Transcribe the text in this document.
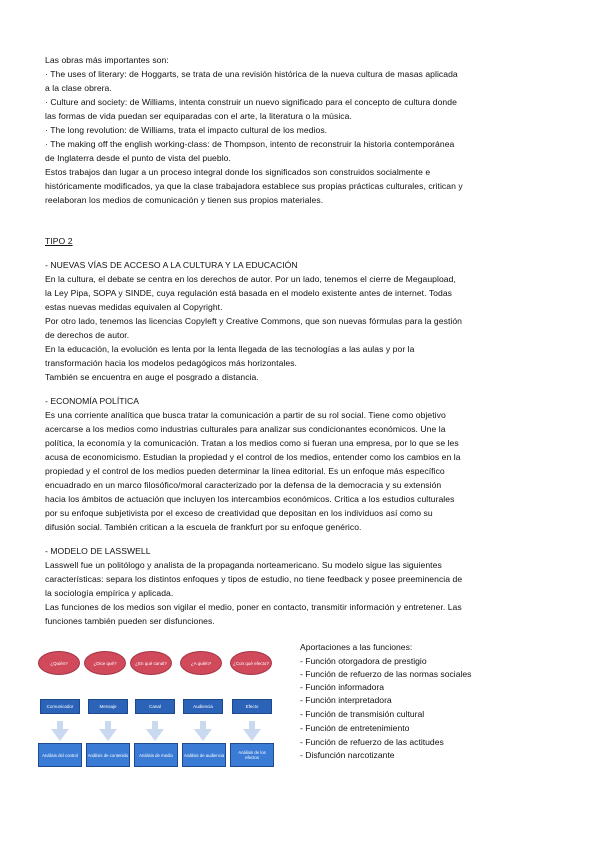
Las obras más importantes son:
· The uses of literary: de Hoggarts, se trata de una revisión histórica de la nueva cultura de masas aplicada
a la clase obrera.
· Culture and society: de Williams, intenta construir un nuevo significado para el concepto de cultura donde
las formas de vida puedan ser equiparadas con el arte, la literatura o la música.
· The long revolution: de Williams, trata el impacto cultural de los medios.
· The making off the english working-class: de Thompson, intento de reconstruir la historia contemporánea
de Inglaterra desde el punto de vista del pueblo.
Estos trabajos dan lugar a un proceso integral donde los significados son construidos socialmente e
históricamente modificados, ya que la clase trabajadora establece sus propias prácticas culturales, critican y
reelaboran los medios de comunicación y tienen sus propios materiales.
TIPO 2
- NUEVAS VÍAS DE ACCESO A LA CULTURA Y LA EDUCACIÓN
En la cultura, el debate se centra en los derechos de autor. Por un lado, tenemos el cierre de Megaupload,
la Ley Pipa, SOPA y SINDE, cuya regulación está basada en el modelo existente antes de internet. Todas
estas nuevas medidas equivalen al Copyright.
Por otro lado, tenemos las licencias Copyleft y Creative Commons, que son nuevas fórmulas para la gestión
de derechos de autor.
En la educación, la evolución es lenta por la lenta llegada de las tecnologías a las aulas y por la
transformación hacia los modelos pedagógicos más horizontales.
También se encuentra en auge el posgrado a distancia.
- ECONOMÍA POLÍTICA
Es una corriente analítica que busca tratar la comunicación a partir de su rol social. Tiene como objetivo
acercarse a los medios como industrias culturales para analizar sus condicionantes económicos. Une la
política, la economía y la comunicación. Tratan a los medios como si fueran una empresa, por lo que se les
acusa de economicismo. Estudian la propiedad y el control de los medios, entender como los cambios en la
propiedad y el control de los medios pueden determinar la línea editorial. Es un enfoque más específico
encuadrado en un marco filosófico/moral caracterizado por la defensa de la democracia y su extensión
hacia los ámbitos de actuación que incluyen los intercambios económicos. Critica a los estudios culturales
por su enfoque subjetivista por el exceso de creatividad que depositan en los individuos así como su
difusión social. También critican a la escuela de frankfurt por su enfoque genérico.
- MODELO DE LASSWELL
Lasswell fue un politólogo y analista de la propaganda norteamericano. Su modelo sigue las siguientes
características: separa los distintos enfoques y tipos de estudio, no tiene feedback y posee preeminencia de
la sociología empírica y aplicada.
Las funciones de los medios son vigilar el medio, poner en contacto, transmitir información y entretener. Las
funciones también pueden ser disfunciones.
¿Quién?	¿Dice qué?	¿En qué canal?	¿A quién?	¿Con qué efecto?
Comunicador	Mensaje	Canal	Audiencia	Efecto
Análisis del control	Análisis de contenido	Análisis de medio	Análisis de audiencia	Análisis de los efectos
Aportaciones a las funciones:
- Función otorgadora de prestigio
- Función de refuerzo de las normas sociales
- Función informadora
- Función interpretadora
- Función de transmisión cultural
- Función de entretenimiento
- Función de refuerzo de las actitudes
- Disfunción narcotizante
